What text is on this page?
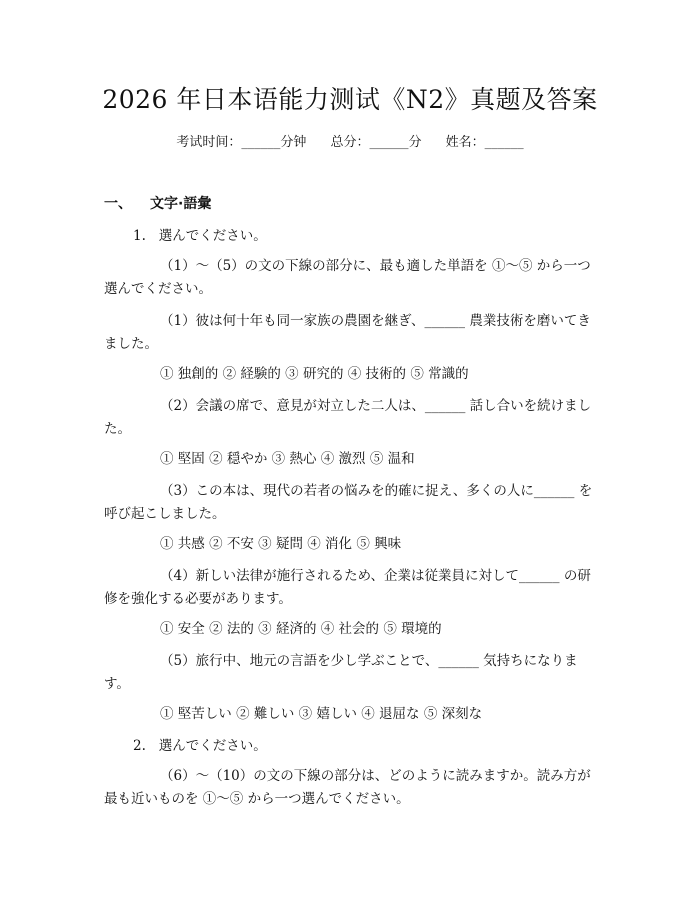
2026 年日本语能力测试《N2》真题及答案
考试时间：______分钟 总分：______分 姓名：______
一、 文字·語彙
1. 選んでください。
（1）～（5）の文の下線の部分に、最も適した単語を ①～⑤ から一つ
選んでください。
（1）彼は何十年も同一家族の農園を継ぎ、______ 農業技術を磨いてき
ました。
① 独創的 ② 経験的 ③ 研究的 ④ 技術的 ⑤ 常識的
（2）会議の席で、意見が対立した二人は、______ 話し合いを続けまし
た。
① 堅固 ② 穏やか ③ 熱心 ④ 激烈 ⑤ 温和
（3）この本は、現代の若者の悩みを的確に捉え、多くの人に______ を
呼び起こしました。
① 共感 ② 不安 ③ 疑問 ④ 消化 ⑤ 興味
（4）新しい法律が施行されるため、企業は従業員に対して______ の研
修を強化する必要があります。
① 安全 ② 法的 ③ 経済的 ④ 社会的 ⑤ 環境的
（5）旅行中、地元の言語を少し学ぶことで、______ 気持ちになりま
す。
① 堅苦しい ② 難しい ③ 嬉しい ④ 退屈な ⑤ 深刻な
2. 選んでください。
（6）～（10）の文の下線の部分は、どのように読みますか。読み方が
最も近いものを ①～⑤ から一つ選んでください。
